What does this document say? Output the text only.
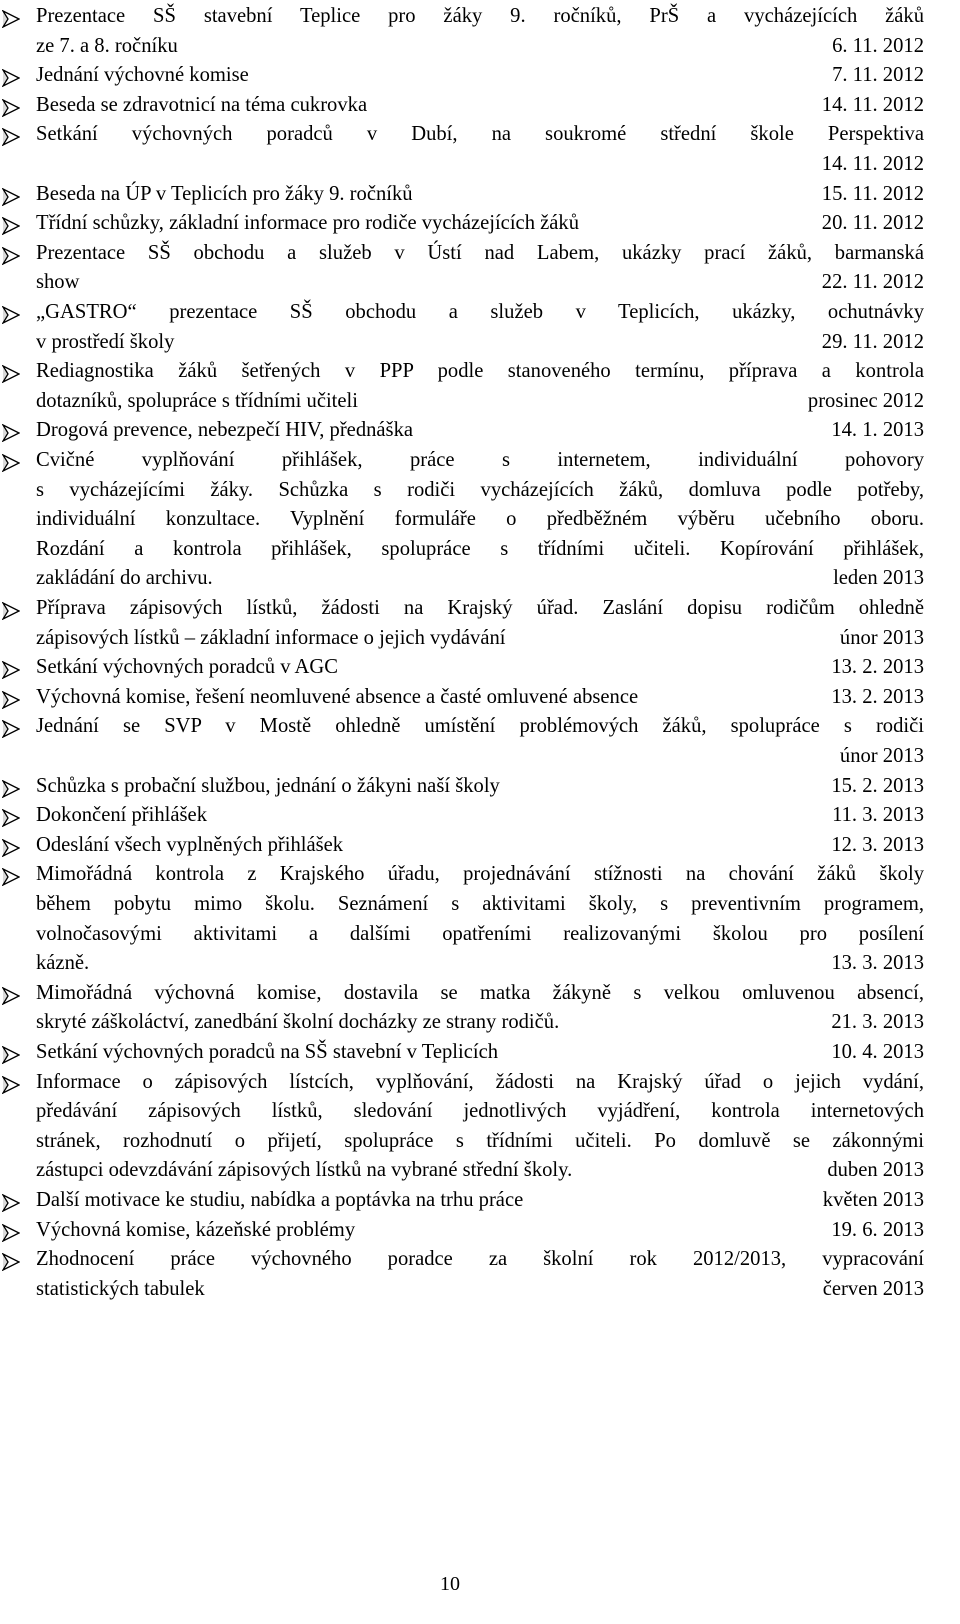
Prezentace SŠ stavební Teplice pro žáky 9. ročníků, PrŠ a vycházejících žáků
ze 7. a 8. ročníku	6. 11. 2012
Jednání výchovné komise	7. 11. 2012
Beseda se zdravotnicí na téma cukrovka	14. 11. 2012
Setkání výchovných poradců v Dubí, na soukromé střední škole Perspektiva
14. 11. 2012
Beseda na ÚP v Teplicích pro žáky 9. ročníků	15. 11. 2012
Třídní schůzky, základní informace pro rodiče vycházejících žáků	20. 11. 2012
Prezentace SŠ obchodu a služeb v Ústí nad Labem, ukázky prací žáků, barmanská
show	22. 11. 2012
„GASTRO“ prezentace SŠ obchodu a služeb v Teplicích, ukázky, ochutnávky
v prostředí školy	29. 11. 2012
Rediagnostika žáků šetřených v PPP podle stanoveného termínu, příprava a kontrola
dotazníků, spolupráce s třídními učiteli	prosinec 2012
Drogová prevence, nebezpečí HIV, přednáška	14. 1. 2013
Cvičné vyplňování přihlášek, práce s internetem, individuální pohovory
s vycházejícími žáky. Schůzka s rodiči vycházejících žáků, domluva podle potřeby,
individuální konzultace. Vyplnění formuláře o předběžném výběru učebního oboru.
Rozdání a kontrola přihlášek, spolupráce s třídními učiteli. Kopírování přihlášek,
zakládání do archivu.	leden 2013
Příprava zápisových lístků, žádosti na Krajský úřad. Zaslání dopisu rodičům ohledně
zápisových lístků – základní informace o jejich vydávání	únor 2013
Setkání výchovných poradců v AGC	13. 2. 2013
Výchovná komise, řešení neomluvené absence a časté omluvené absence	13. 2. 2013
Jednání se SVP v Mostě ohledně umístění problémových žáků, spolupráce s rodiči
únor 2013
Schůzka s probační službou, jednání o žákyni naší školy	15. 2. 2013
Dokončení přihlášek	11. 3. 2013
Odeslání všech vyplněných přihlášek	12. 3. 2013
Mimořádná kontrola z Krajského úřadu, projednávání stížnosti na chování žáků školy
během pobytu mimo školu. Seznámení s aktivitami školy, s preventivním programem,
volnočasovými aktivitami a dalšími opatřeními realizovanými školou pro posílení
kázně.	13. 3. 2013
Mimořádná výchovná komise, dostavila se matka žákyně s velkou omluvenou absencí,
skryté záškoláctví, zanedbání školní docházky ze strany rodičů.	21. 3. 2013
Setkání výchovných poradců na SŠ stavební v Teplicích	10. 4. 2013
Informace o zápisových lístcích, vyplňování, žádosti na Krajský úřad o jejich vydání,
předávání zápisových lístků, sledování jednotlivých vyjádření, kontrola internetových
stránek, rozhodnutí o přijetí, spolupráce s třídními učiteli. Po domluvě se zákonnými
zástupci odevzdávání zápisových lístků na vybrané střední školy.	duben 2013
Další motivace ke studiu, nabídka a poptávka na trhu práce	květen 2013
Výchovná komise, kázeňské problémy	19. 6. 2013
Zhodnocení práce výchovného poradce za školní rok 2012/2013, vypracování
statistických tabulek	červen 2013
10
